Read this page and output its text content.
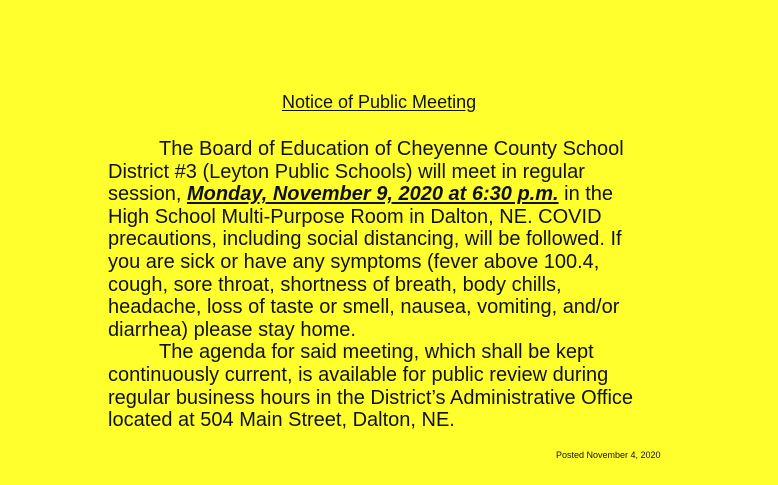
Notice of Public Meeting

The Board of Education of Cheyenne County School
District #3 (Leyton Public Schools) will meet in regular
session, Monday, November 9, 2020 at 6:30 p.m. in the
High School Multi-Purpose Room in Dalton, NE. COVID
precautions, including social distancing, will be followed. If
you are sick or have any symptoms (fever above 100.4,
cough, sore throat, shortness of breath, body chills,
headache, loss of taste or smell, nausea, vomiting, and/or
diarrhea) please stay home.

The agenda for said meeting, which shall be kept
continuously current, is available for public review during
regular business hours in the District’s Administrative Office
located at 504 Main Street, Dalton, NE.

Posted November 4, 2020
